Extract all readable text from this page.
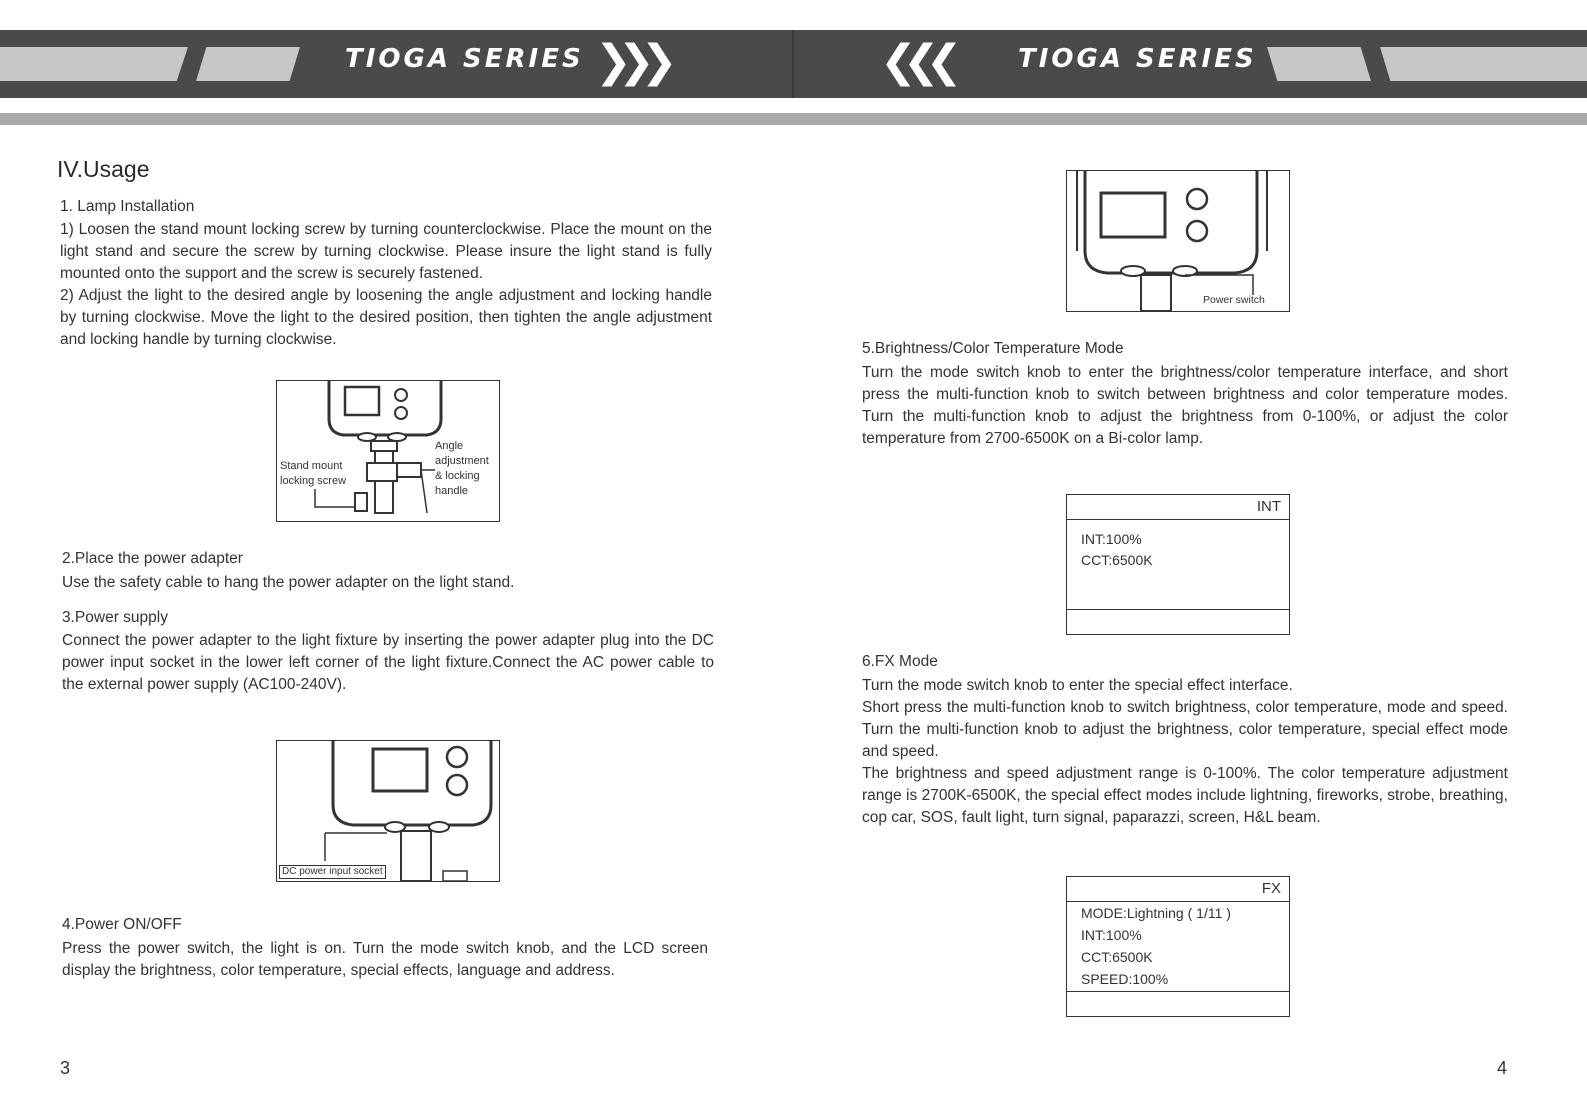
TIOGA SERIES ❯❯❯	❮❮❮	TIOGA SERIES
IV.Usage
1. Lamp Installation

1) Loosen the stand mount locking screw by turning counterclockwise. Place the mount on the light stand and secure the screw by turning clockwise. Please insure the light stand is fully mounted onto the support and the screw is securely fastened.

2) Adjust the light to the desired angle by loosening the angle adjustment and locking handle by turning clockwise. Move the light to the desired position, then tighten the angle adjustment and locking handle by turning clockwise.

Stand mount locking screw
Angle adjustment & locking handle
2.Place the power adapter

Use the safety cable to hang the power adapter on the light stand.

3.Power supply

Connect the power adapter to the light fixture by inserting the power adapter plug into the DC power input socket in the lower left corner of the light fixture.Connect the AC power cable to the external power supply (AC100-240V).

DC power input socket
4.Power ON/OFF

Press the power switch, the light is on. Turn the mode switch knob, and the LCD screen display the brightness, color temperature, special effects, language and address.

3
Power switch
5.Brightness/Color Temperature Mode

Turn the mode switch knob to enter the brightness/color temperature interface, and short press the multi-function knob to switch between brightness and color temperature modes. Turn the multi-function knob to adjust the brightness from 0-100%, or adjust the color temperature from 2700-6500K on a Bi-color lamp.

INT
INT:100%
CCT:6500K
6.FX Mode

Turn the mode switch knob to enter the special effect interface.

Short press the multi-function knob to switch brightness, color temperature, mode and speed. Turn the multi-function knob to adjust the brightness, color temperature, special effect mode and speed.

The brightness and speed adjustment range is 0-100%. The color temperature adjustment range is 2700K-6500K, the special effect modes include lightning, fireworks, strobe, breathing, cop car, SOS, fault light, turn signal, paparazzi, screen, H&L beam.

FX
MODE:Lightning ( 1/11 )
INT:100%
CCT:6500K
SPEED:100%
4
